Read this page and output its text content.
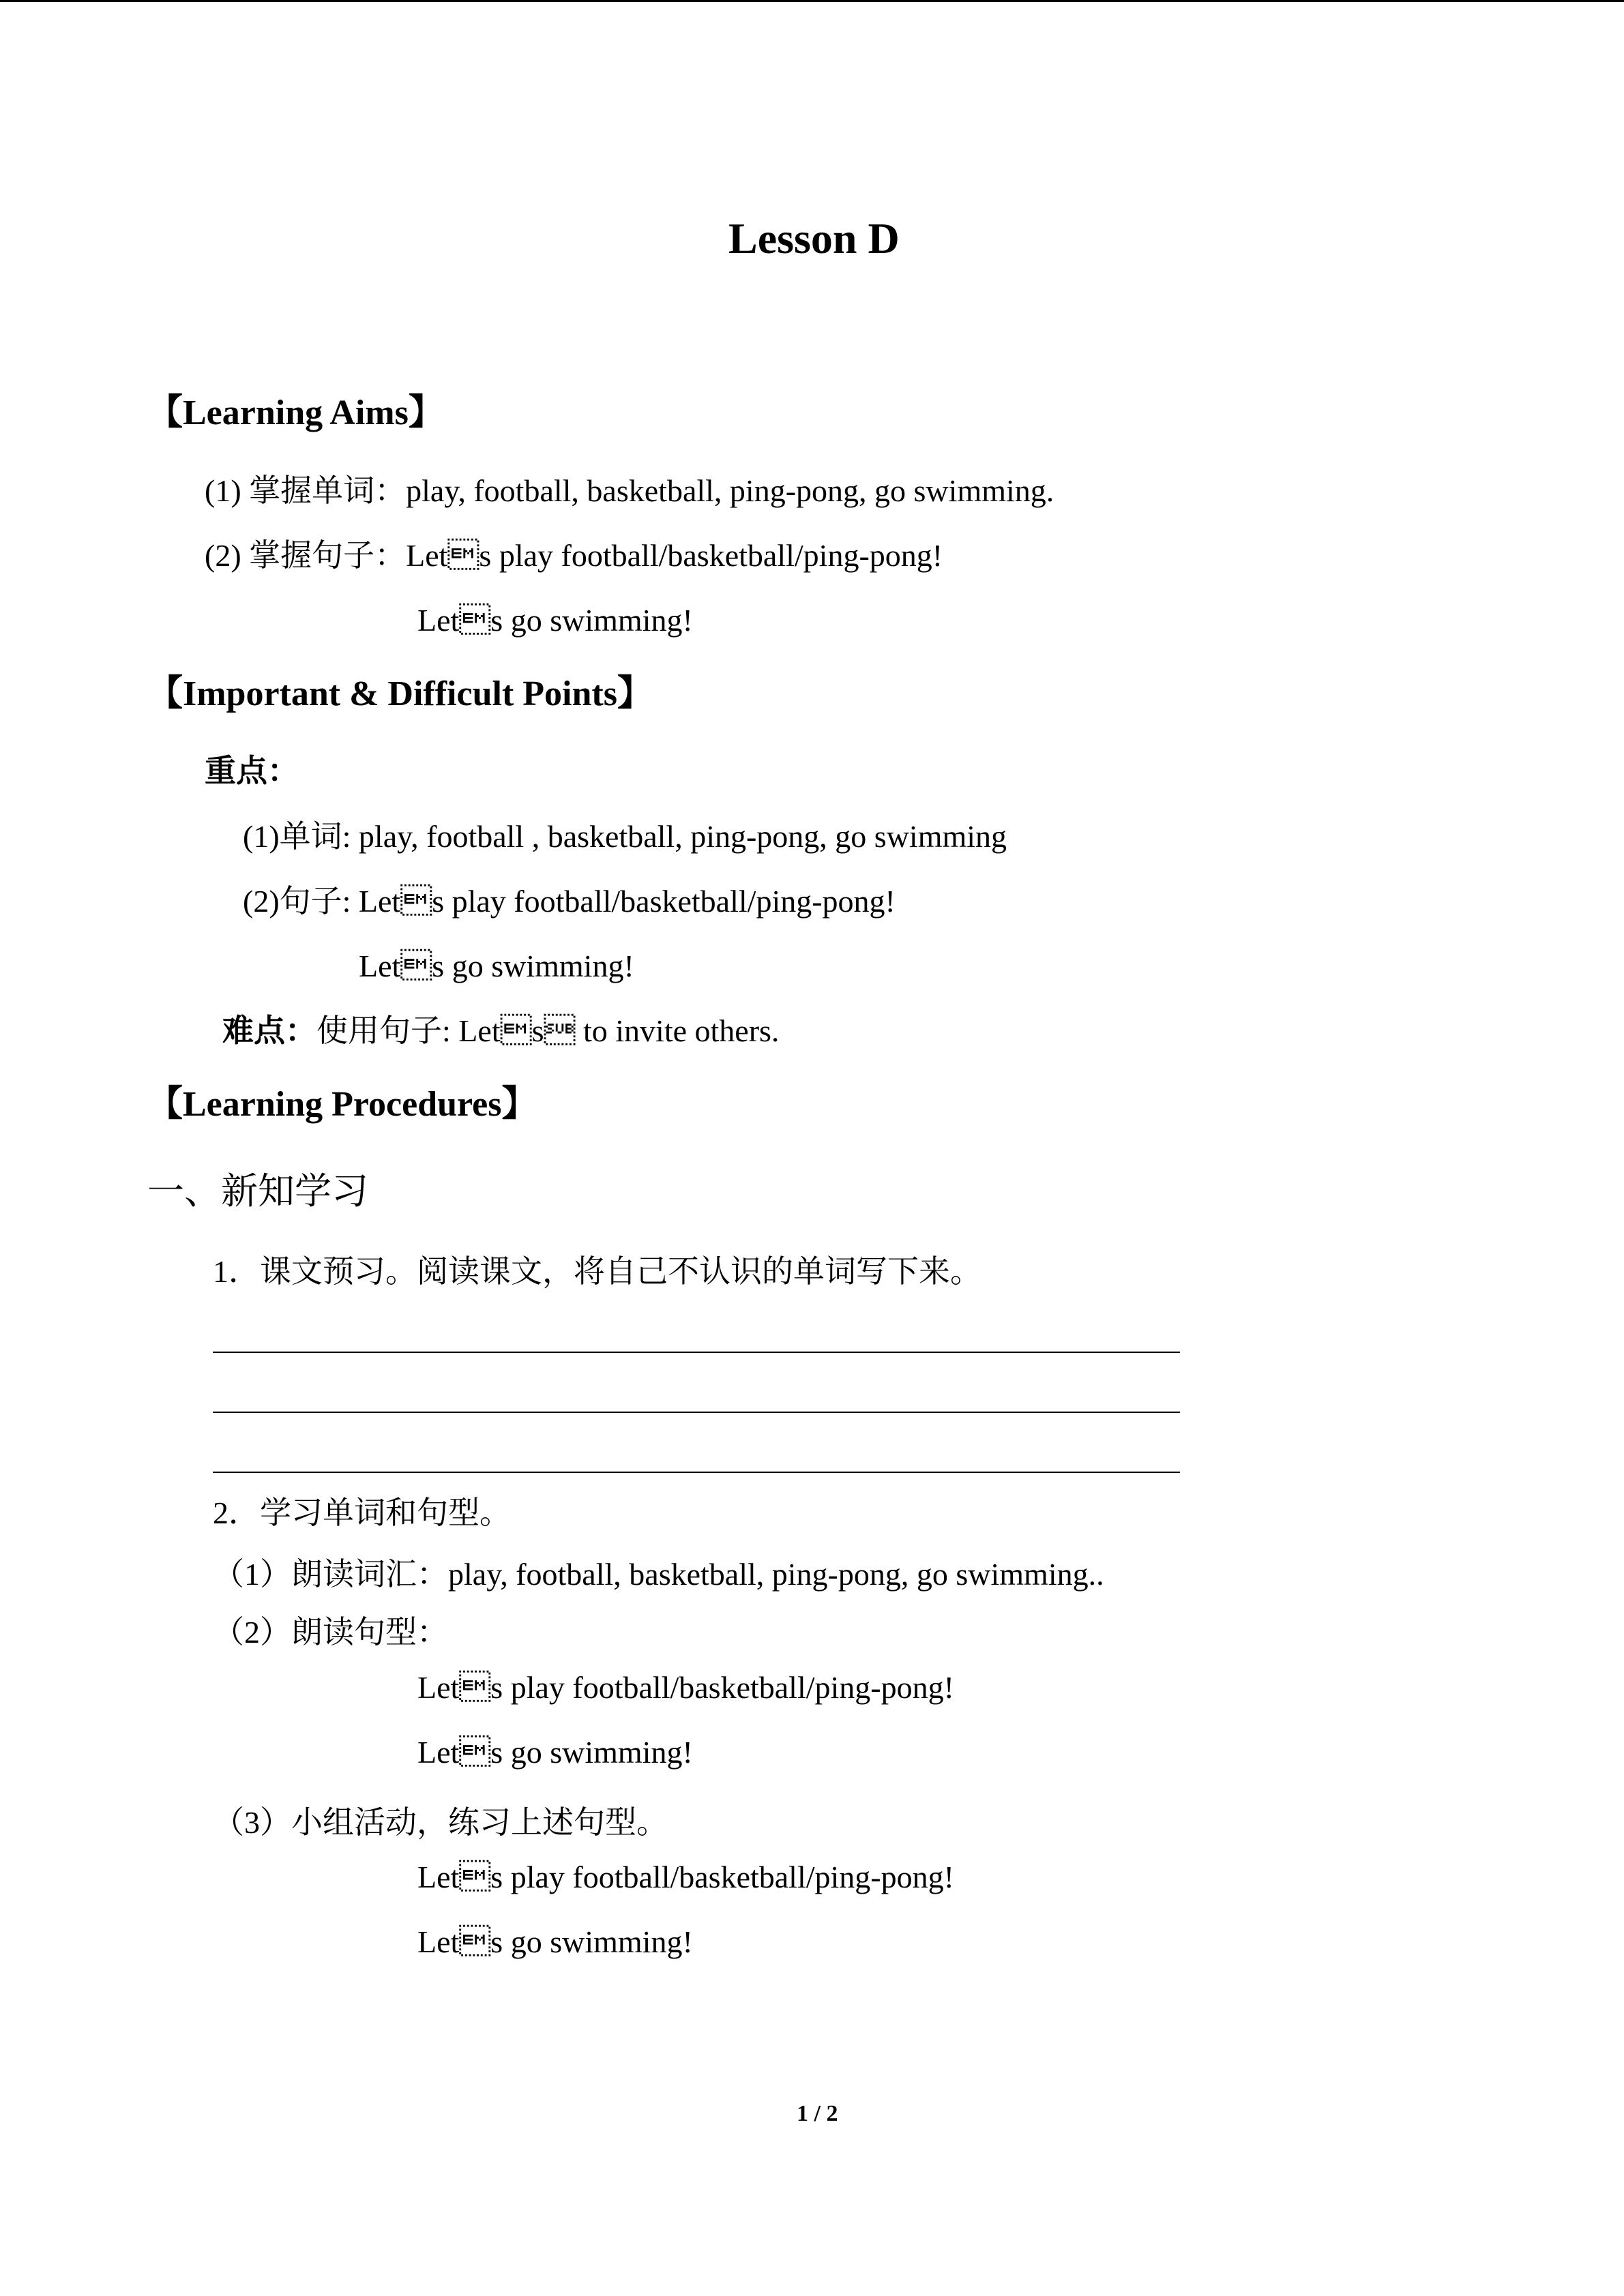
Lesson D
【Learning Aims】
(1) 掌握单词：play, football, basketball, ping-pong, go swimming.
(2) 掌握句子：Lets play football/basketball/ping-pong!
Lets go swimming!
【Important & Difficult Points】
重点：
(1)单词: play, football , basketball, ping-pong, go swimming
(2)句子: Lets play football/basketball/ping-pong!
Lets go swimming!
难点：使用句子: Lets to invite others.
【Learning Procedures】
一、新知学习
1．课文预习。阅读课文，将自己不认识的单词写下来。
2．学习单词和句型。
（1）朗读词汇：play, football, basketball, ping-pong, go swimming..
（2）朗读句型：
Lets play football/basketball/ping-pong!
Lets go swimming!
（3）小组活动，练习上述句型。
Lets play football/basketball/ping-pong!
Lets go swimming!
1 / 2
